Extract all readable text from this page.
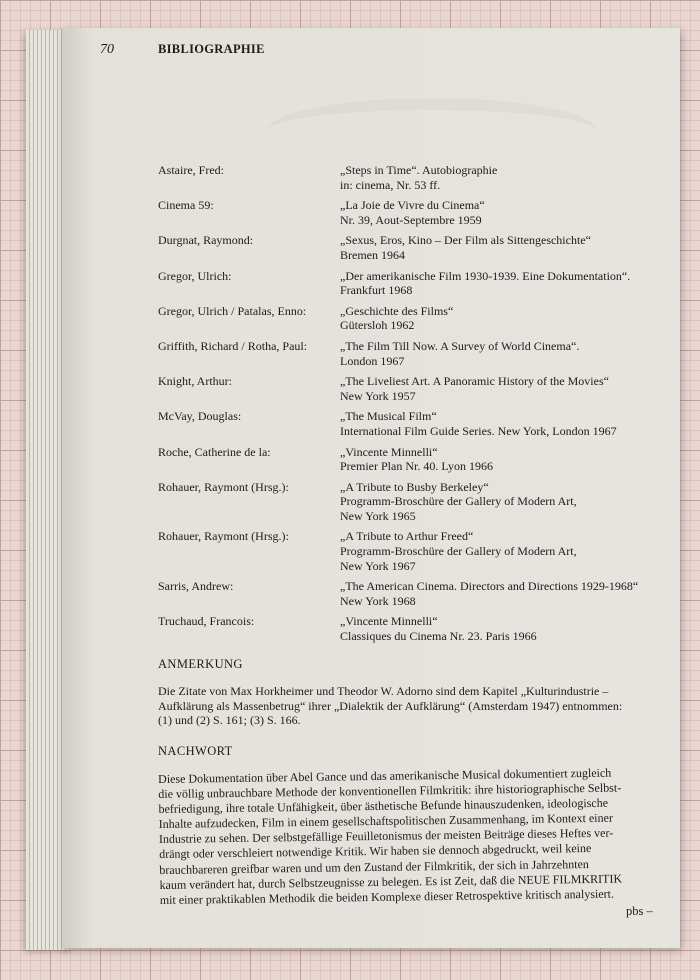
70	BIBLIOGRAPHIE
Astaire, Fred:	„Steps in Time“. Autobiographie
in: cinema, Nr. 53 ff.
Cinema 59:	„La Joie de Vivre du Cinema“
Nr. 39, Aout-Septembre 1959
Durgnat, Raymond:	„Sexus, Eros, Kino – Der Film als Sittengeschichte“
Bremen 1964
Gregor, Ulrich:	„Der amerikanische Film 1930-1939. Eine Dokumentation“.
Frankfurt 1968
Gregor, Ulrich / Patalas, Enno:	„Geschichte des Films“
Gütersloh 1962
Griffith, Richard / Rotha, Paul:	„The Film Till Now. A Survey of World Cinema“.
London 1967
Knight, Arthur:	„The Liveliest Art. A Panoramic History of the Movies“
New York 1957
McVay, Douglas:	„The Musical Film“
International Film Guide Series. New York, London 1967
Roche, Catherine de la:	„Vincente Minnelli“
Premier Plan Nr. 40. Lyon 1966
Rohauer, Raymont (Hrsg.):	„A Tribute to Busby Berkeley“
Programm-Broschüre der Gallery of Modern Art,
New York 1965
Rohauer, Raymont (Hrsg.):	„A Tribute to Arthur Freed“
Programm-Broschüre der Gallery of Modern Art,
New York 1967
Sarris, Andrew:	„The American Cinema. Directors and Directions 1929-1968“
New York 1968
Truchaud, Francois:	„Vincente Minnelli“
Classiques du Cinema Nr. 23. Paris 1966
ANMERKUNG
Die Zitate von Max Horkheimer und Theodor W. Adorno sind dem Kapitel „Kulturindustrie –
Aufklärung als Massenbetrug“ ihrer „Dialektik der Aufklärung“ (Amsterdam 1947) entnommen:
(1) und (2) S. 161; (3) S. 166.
NACHWORT
Diese Dokumentation über Abel Gance und das amerikanische Musical dokumentiert zugleich
die völlig unbrauchbare Methode der konventionellen Filmkritik: ihre historiographische Selbst-
befriedigung, ihre totale Unfähigkeit, über ästhetische Befunde hinauszudenken, ideologische
Inhalte aufzudecken, Film in einem gesellschaftspolitischen Zusammenhang, im Kontext einer
Industrie zu sehen. Der selbstgefällige Feuilletonismus der meisten Beiträge dieses Heftes ver-
drängt oder verschleiert notwendige Kritik. Wir haben sie dennoch abgedruckt, weil keine
brauchbareren greifbar waren und um den Zustand der Filmkritik, der sich in Jahrzehnten
kaum verändert hat, durch Selbstzeugnisse zu belegen. Es ist Zeit, daß die NEUE FILMKRITIK
mit einer praktikablen Methodik die beiden Komplexe dieser Retrospektive kritisch analysiert.
pbs –
